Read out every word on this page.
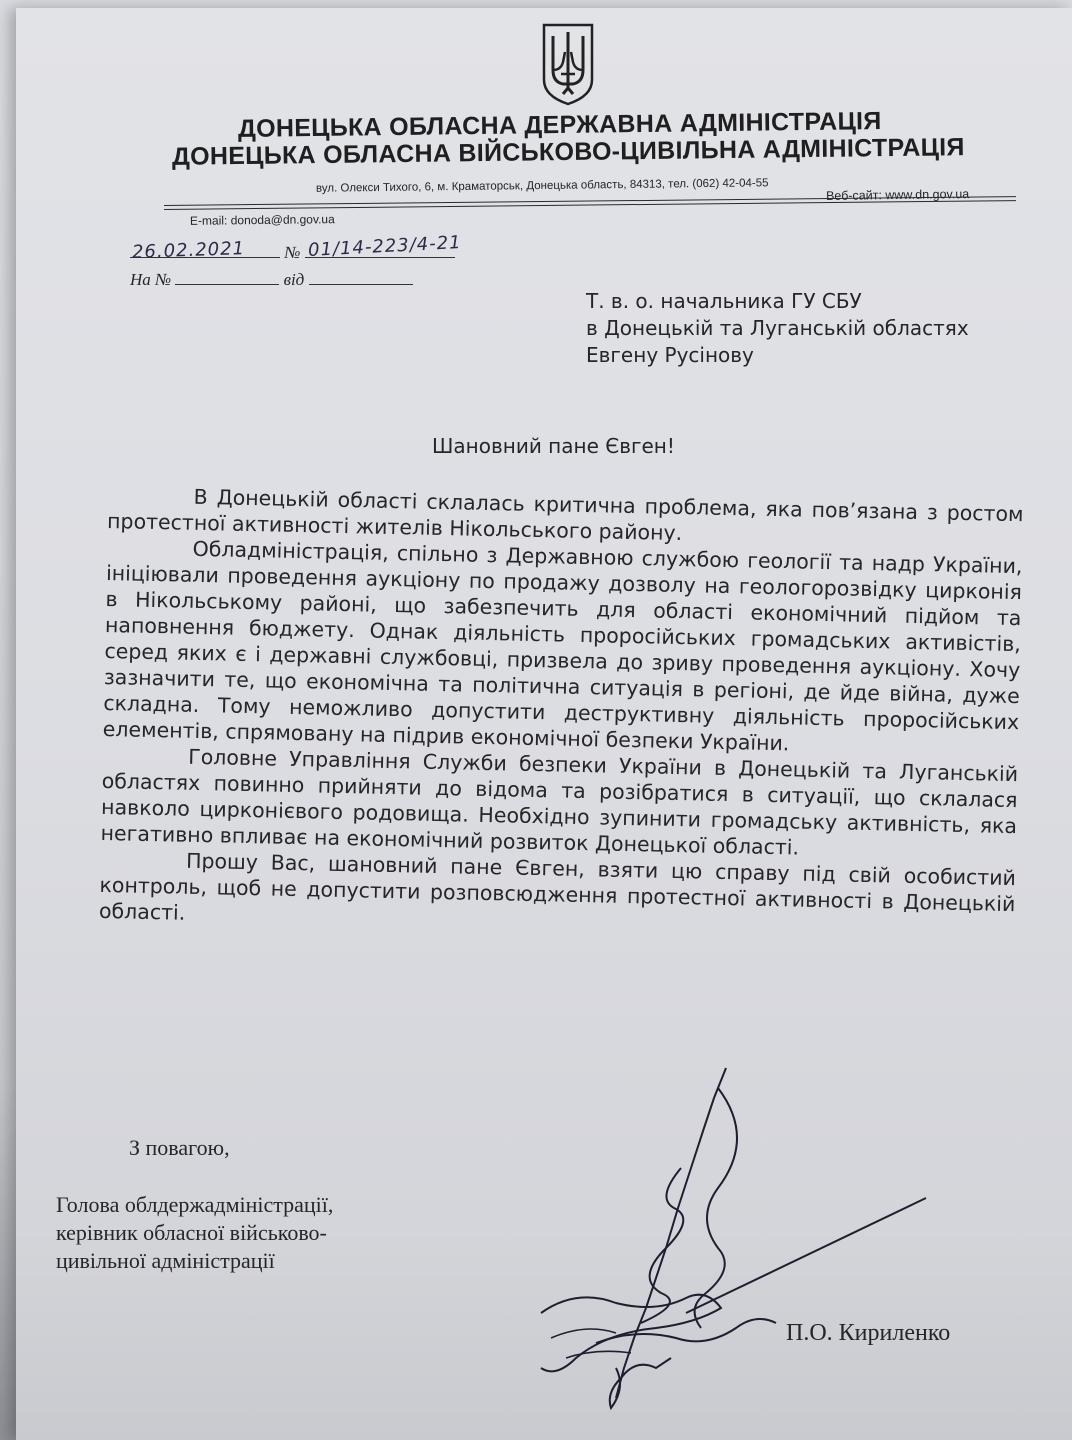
ДОНЕЦЬКА ОБЛАСНА ДЕРЖАВНА АДМІНІСТРАЦІЯ
ДОНЕЦЬКА ОБЛАСНА ВІЙСЬКОВО-ЦИВІЛЬНА АДМІНІСТРАЦІЯ
вул. Олекси Тихого, 6, м. Краматорськ, Донецька область, 84313, тел. (062) 42-04-55
Веб-сайт: www.dn.gov.ua
E-mail: donoda@dn.gov.ua
№
26.02.2021	01/14-223/4-21
На №	від
Т. в. о. начальника ГУ СБУ
в Донецькій та Луганській областях
Евгену Русінову
Шановний пане Євген!

В Донецькій області склалась критична проблема, яка пов’язана з ростом протестної активності жителів Нікольського району.

Обладміністрація, спільно з Державною службою геології та надр України, ініціювали проведення аукціону по продажу дозволу на геологорозвідку цирконія в Нікольському районі, що забезпечить для області економічний підйом та наповнення бюджету. Однак діяльність проросійських громадських активістів, серед яких є і державні службовці, призвела до зриву проведення аукціону. Хочу зазначити те, що економічна та політична ситуація в регіоні, де йде війна, дуже складна. Тому неможливо допустити деструктивну діяльність проросійських елементів, спрямовану на підрив економічної безпеки України.

Головне Управління Служби безпеки України в Донецькій та Луганській областях повинно прийняти до відома та розібратися в ситуації, що склалася навколо цирконієвого родовища. Необхідно зупинити громадську активність, яка негативно впливає на економічний розвиток Донецької області.

Прошу Вас, шановний пане Євген, взяти цю справу під свій особистий контроль, щоб не допустити розповсюдження протестної активності в Донецькій області.

З повагою,
Голова облдержадміністрації,
керівник обласної військово-
цивільної адміністрації
П.О. Кириленко
